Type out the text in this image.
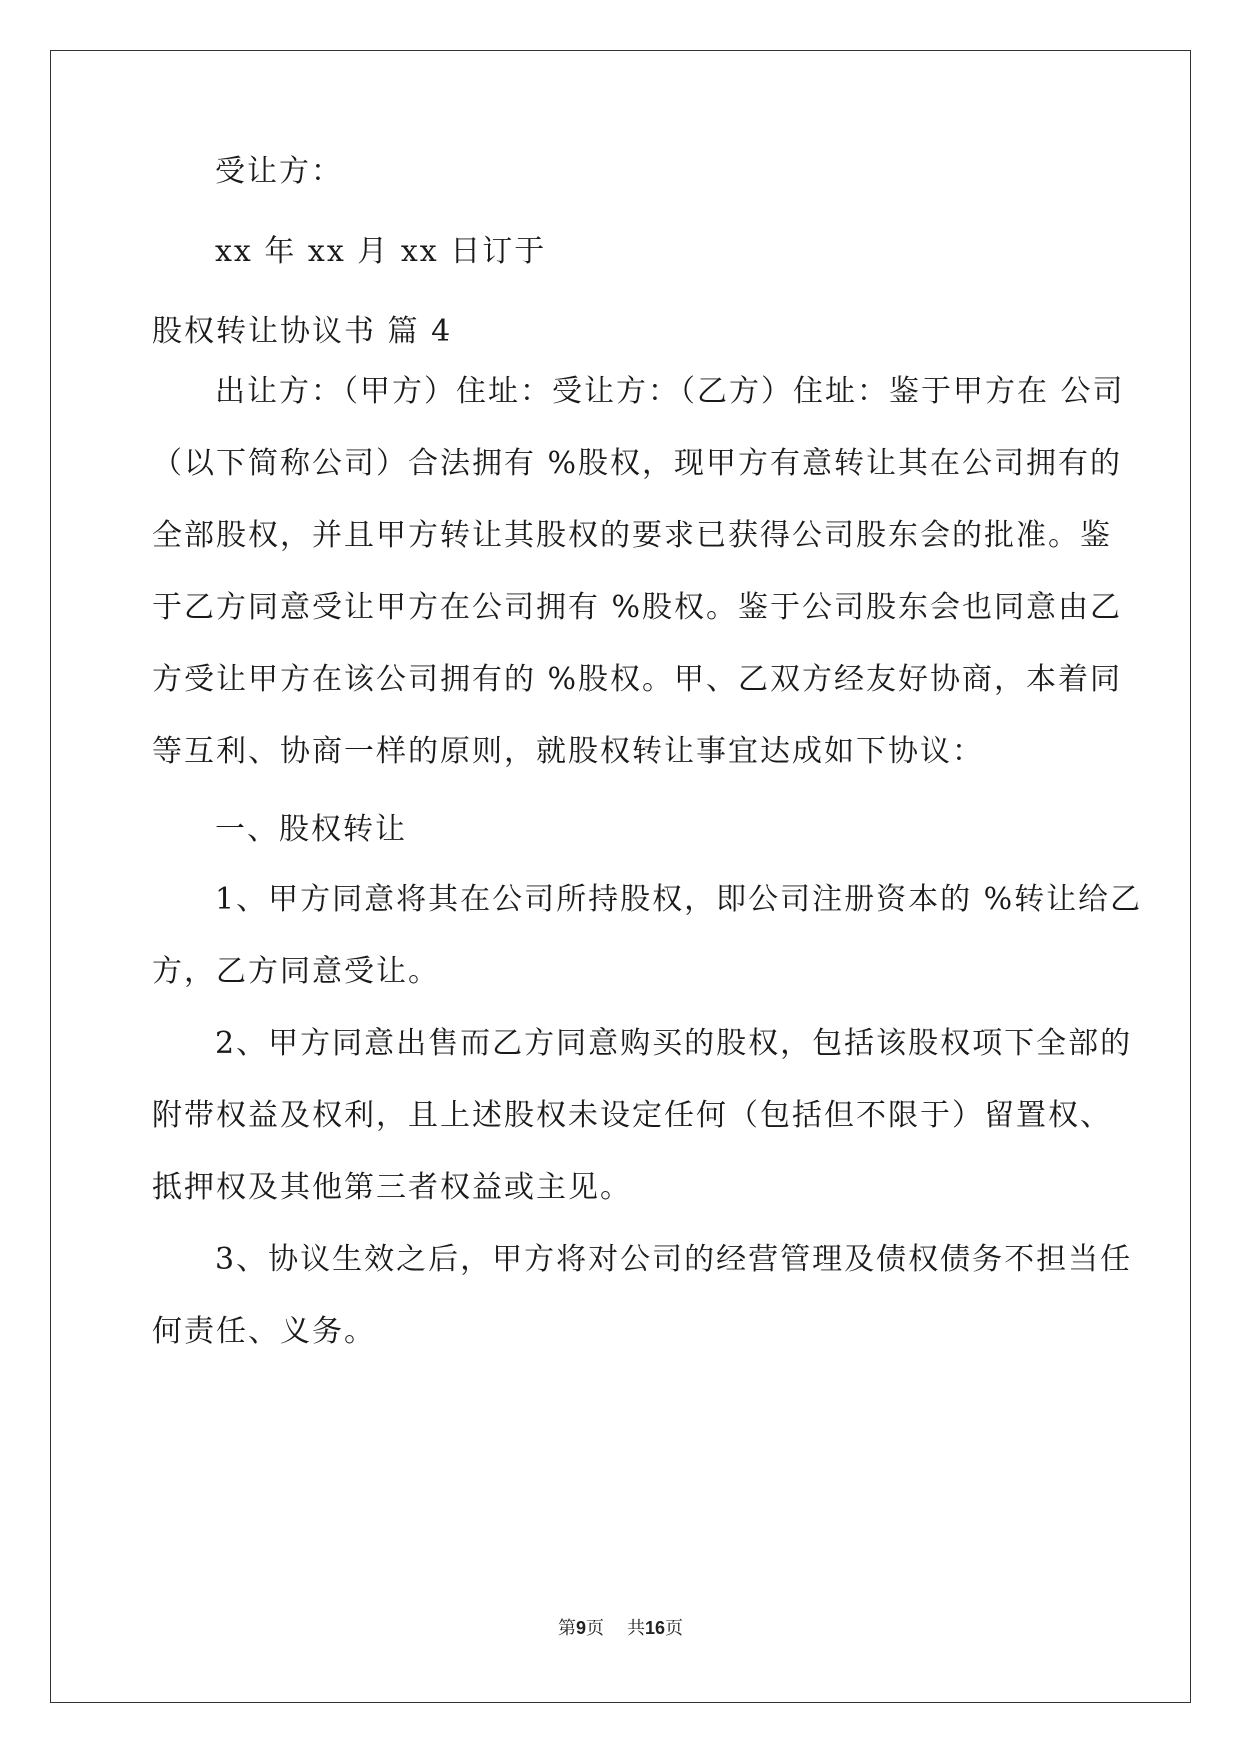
受让方：
xx 年 xx 月 xx 日订于
股权转让协议书 篇 4
出让方：（甲方）住址：受让方：（乙方）住址：鉴于甲方在 公司
（以下简称公司）合法拥有 %股权，现甲方有意转让其在公司拥有的
全部股权，并且甲方转让其股权的要求已获得公司股东会的批准。鉴
于乙方同意受让甲方在公司拥有 %股权。鉴于公司股东会也同意由乙
方受让甲方在该公司拥有的 %股权。甲、乙双方经友好协商，本着同
等互利、协商一样的原则，就股权转让事宜达成如下协议：
一、股权转让
1、甲方同意将其在公司所持股权，即公司注册资本的 %转让给乙
方，乙方同意受让。
2、甲方同意出售而乙方同意购买的股权，包括该股权项下全部的
附带权益及权利，且上述股权未设定任何（包括但不限于）留置权、
抵押权及其他第三者权益或主见。
3、协议生效之后，甲方将对公司的经营管理及债权债务不担当任
何责任、义务。
第9页 共16页
